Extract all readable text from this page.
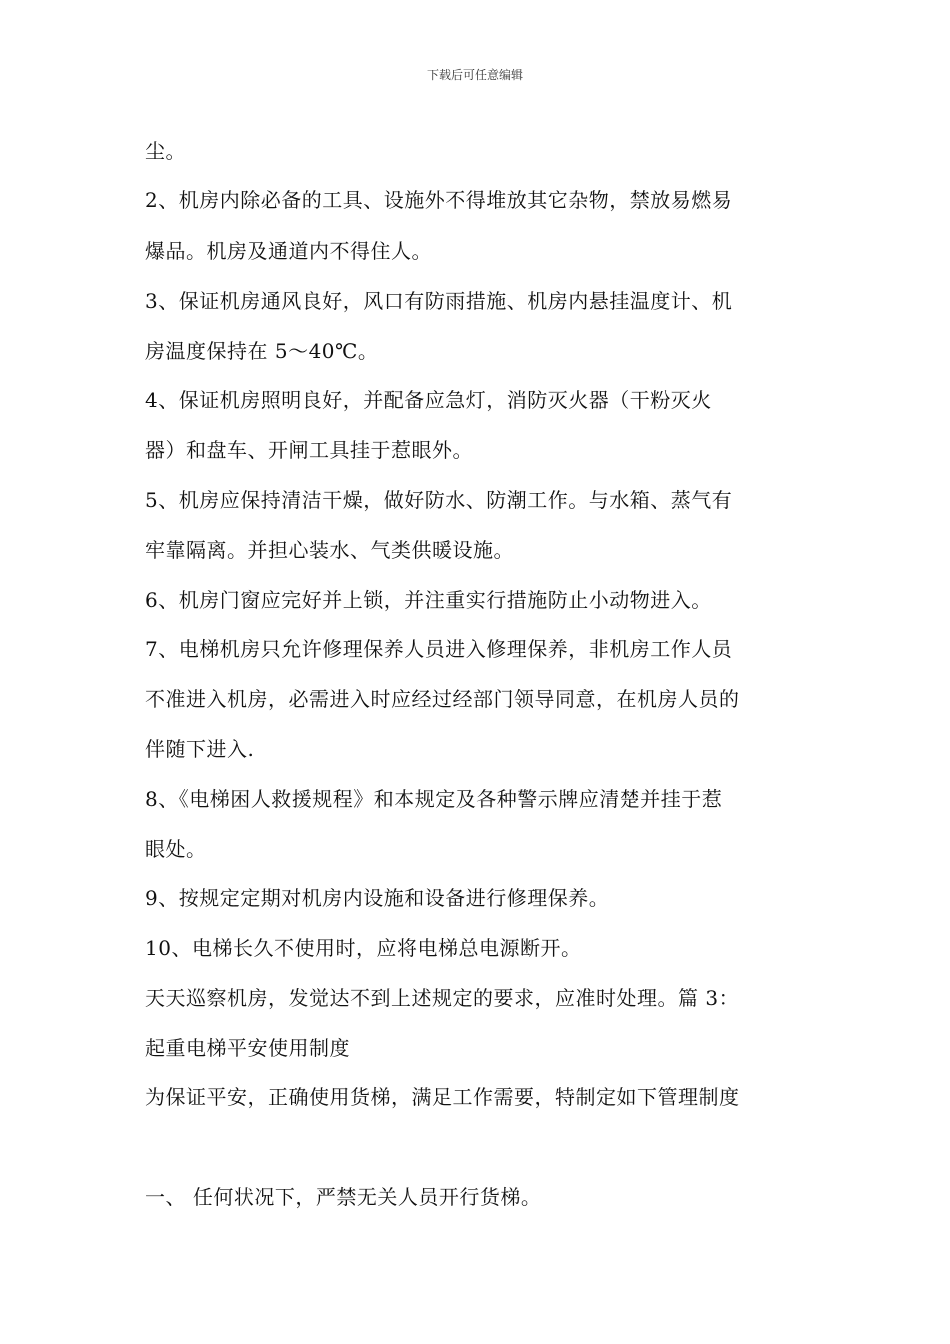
下载后可任意编辑
尘。
2、机房内除必备的工具、设施外不得堆放其它杂物，禁放易燃易
爆品。机房及通道内不得住人。
3、保证机房通风良好，风口有防雨措施、机房内悬挂温度计、机
房温度保持在 5～40℃。
4、保证机房照明良好，并配备应急灯，消防灭火器（干粉灭火
器）和盘车、开闸工具挂于惹眼外。
5、机房应保持清洁干燥，做好防水、防潮工作。与水箱、蒸气有
牢靠隔离。并担心装水、气类供暖设施。
6、机房门窗应完好并上锁，并注重实行措施防止小动物进入。
7、电梯机房只允许修理保养人员进入修理保养，非机房工作人员
不准进入机房，必需进入时应经过经部门领导同意，在机房人员的
伴随下进入.
8、《电梯困人救援规程》和本规定及各种警示牌应清楚并挂于惹
眼处。
9、按规定定期对机房内设施和设备进行修理保养。
10、电梯长久不使用时，应将电梯总电源断开。
天天巡察机房，发觉达不到上述规定的要求，应准时处理。篇 3：
起重电梯平安使用制度
为保证平安，正确使用货梯，满足工作需要，特制定如下管理制度
一、 任何状况下，严禁无关人员开行货梯。
